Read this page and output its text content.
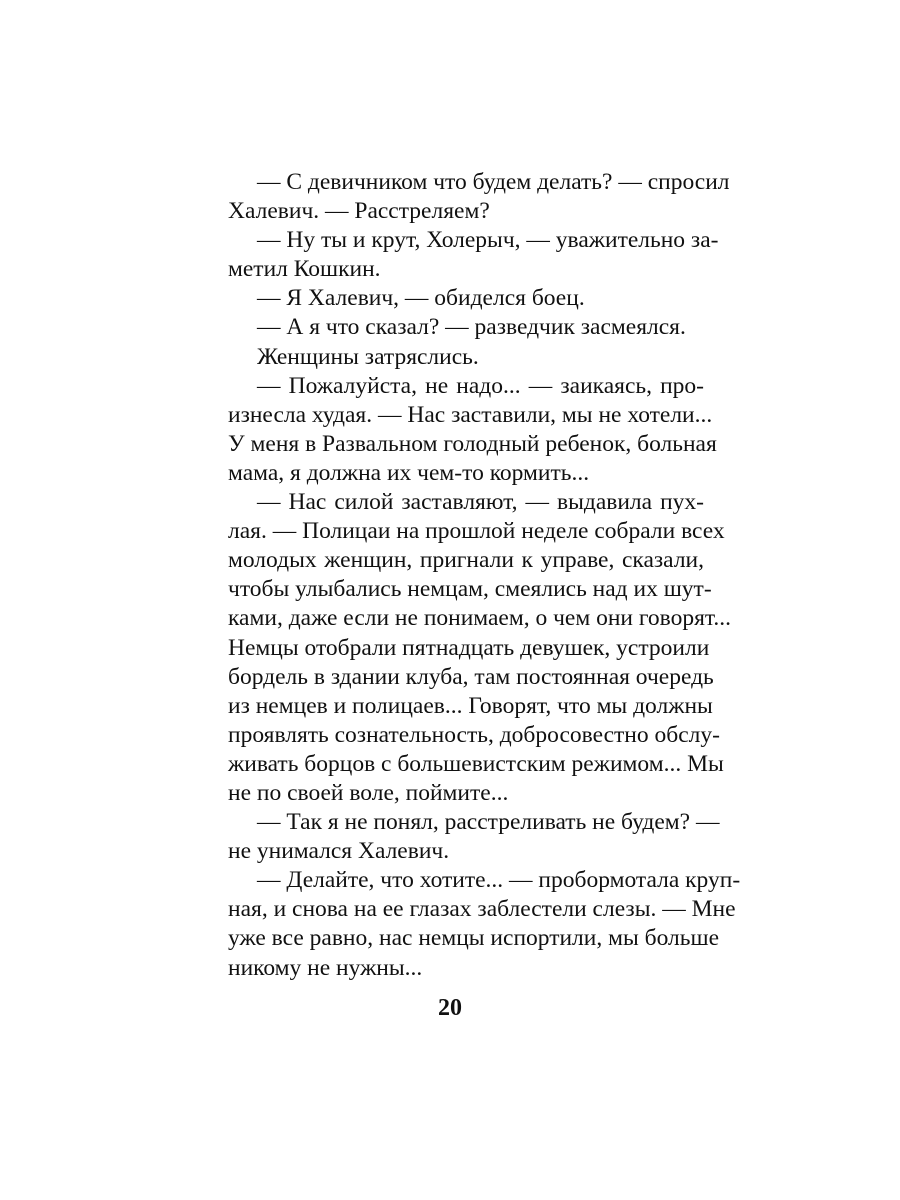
— С девичником что будем делать? — спросил
Халевич. — Расстреляем?
— Ну ты и крут, Холерыч, — уважительно за-
метил Кошкин.
— Я Халевич, — обиделся боец.
— А я что сказал? — разведчик засмеялся.
Женщины затряслись.
— Пожалуйста, не надо... — заикаясь, про-
изнесла худая. — Нас заставили, мы не хотели...
У меня в Развальном голодный ребенок, больная
мама, я должна их чем-то кормить...
— Нас силой заставляют, — выдавила пух-
лая. — Полицаи на прошлой неделе собрали всех
молодых женщин, пригнали к управе, сказали,
чтобы улыбались немцам, смеялись над их шут-
ками, даже если не понимаем, о чем они говорят...
Немцы отобрали пятнадцать девушек, устроили
бордель в здании клуба, там постоянная очередь
из немцев и полицаев... Говорят, что мы должны
проявлять сознательность, добросовестно обслу-
живать борцов с большевистским режимом... Мы
не по своей воле, поймите...
— Так я не понял, расстреливать не будем? —
не унимался Халевич.
— Делайте, что хотите... — пробормотала круп-
ная, и снова на ее глазах заблестели слезы. — Мне
уже все равно, нас немцы испортили, мы больше
никому не нужны...
20
